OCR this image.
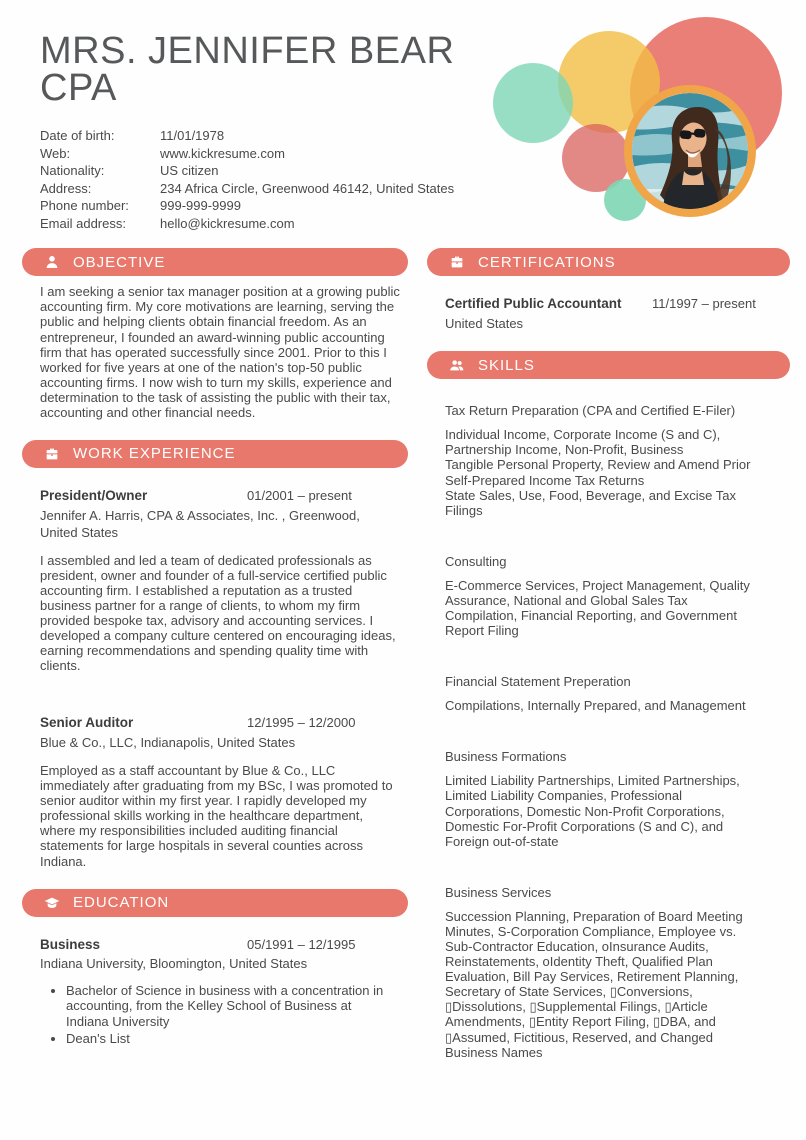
MRS. JENNIFER BEAR CPA
Date of birth:	11/01/1978
Web:	www.kickresume.com
Nationality:	US citizen
Address:	234 Africa Circle, Greenwood 46142, United States
Phone number:	999-999-9999
Email address:	hello@kickresume.com
OBJECTIVE

I am seeking a senior tax manager position at a growing public accounting firm. My core motivations are learning, serving the public and helping clients obtain financial freedom. As an entrepreneur, I founded an award-winning public accounting firm that has operated successfully since 2001. Prior to this I worked for five years at one of the nation's top-50 public accounting firms. I now wish to turn my skills, experience and determination to the task of assisting the public with their tax, accounting and other financial needs.

WORK EXPERIENCE
President/Owner	01/2001 – present
Jennifer A. Harris, CPA & Associates, Inc. , Greenwood, United States

I assembled and led a team of dedicated professionals as president, owner and founder of a full-service certified public accounting firm. I established a reputation as a trusted business partner for a range of clients, to whom my firm provided bespoke tax, advisory and accounting services. I developed a company culture centered on encouraging ideas, earning recommendations and spending quality time with clients.

Senior Auditor	12/1995 – 12/2000
Blue & Co., LLC, Indianapolis, United States

Employed as a staff accountant by Blue & Co., LLC immediately after graduating from my BSc, I was promoted to senior auditor within my first year. I rapidly developed my professional skills working in the healthcare department, where my responsibilities included auditing financial statements for large hospitals in several counties across Indiana.

EDUCATION
Business	05/1991 – 12/1995
Indiana University, Bloomington, United States
• Bachelor of Science in business with a concentration in accounting, from the Kelley School of Business at Indiana University
• Dean's List
CERTIFICATIONS
Certified Public Accountant	11/1997 – present
United States
SKILLS
Tax Return Preparation (CPA and Certified E-Filer)
Individual Income, Corporate Income (S and C), Partnership Income, Non-Profit, Business
Tangible Personal Property, Review and Amend Prior Self-Prepared Income Tax Returns
State Sales, Use, Food, Beverage, and Excise Tax Filings
Consulting
E-Commerce Services, Project Management, Quality Assurance, National and Global Sales Tax Compilation, Financial Reporting, and Government Report Filing
Financial Statement Preperation
Compilations, Internally Prepared, and Management
Business Formations
Limited Liability Partnerships, Limited Partnerships, Limited Liability Companies, Professional Corporations, Domestic Non-Profit Corporations, Domestic For-Profit Corporations (S and C), and Foreign out-of-state
Business Services
Succession Planning, Preparation of Board Meeting Minutes, S-Corporation Compliance, Employee vs. Sub-Contractor Education, oInsurance Audits, Reinstatements, oIdentity Theft, Qualified Plan Evaluation, Bill Pay Services, Retirement Planning, Secretary of State Services, ▯Conversions, ▯Dissolutions, ▯Supplemental Filings, ▯Article Amendments, ▯Entity Report Filing, ▯DBA, and ▯Assumed, Fictitious, Reserved, and Changed Business Names
